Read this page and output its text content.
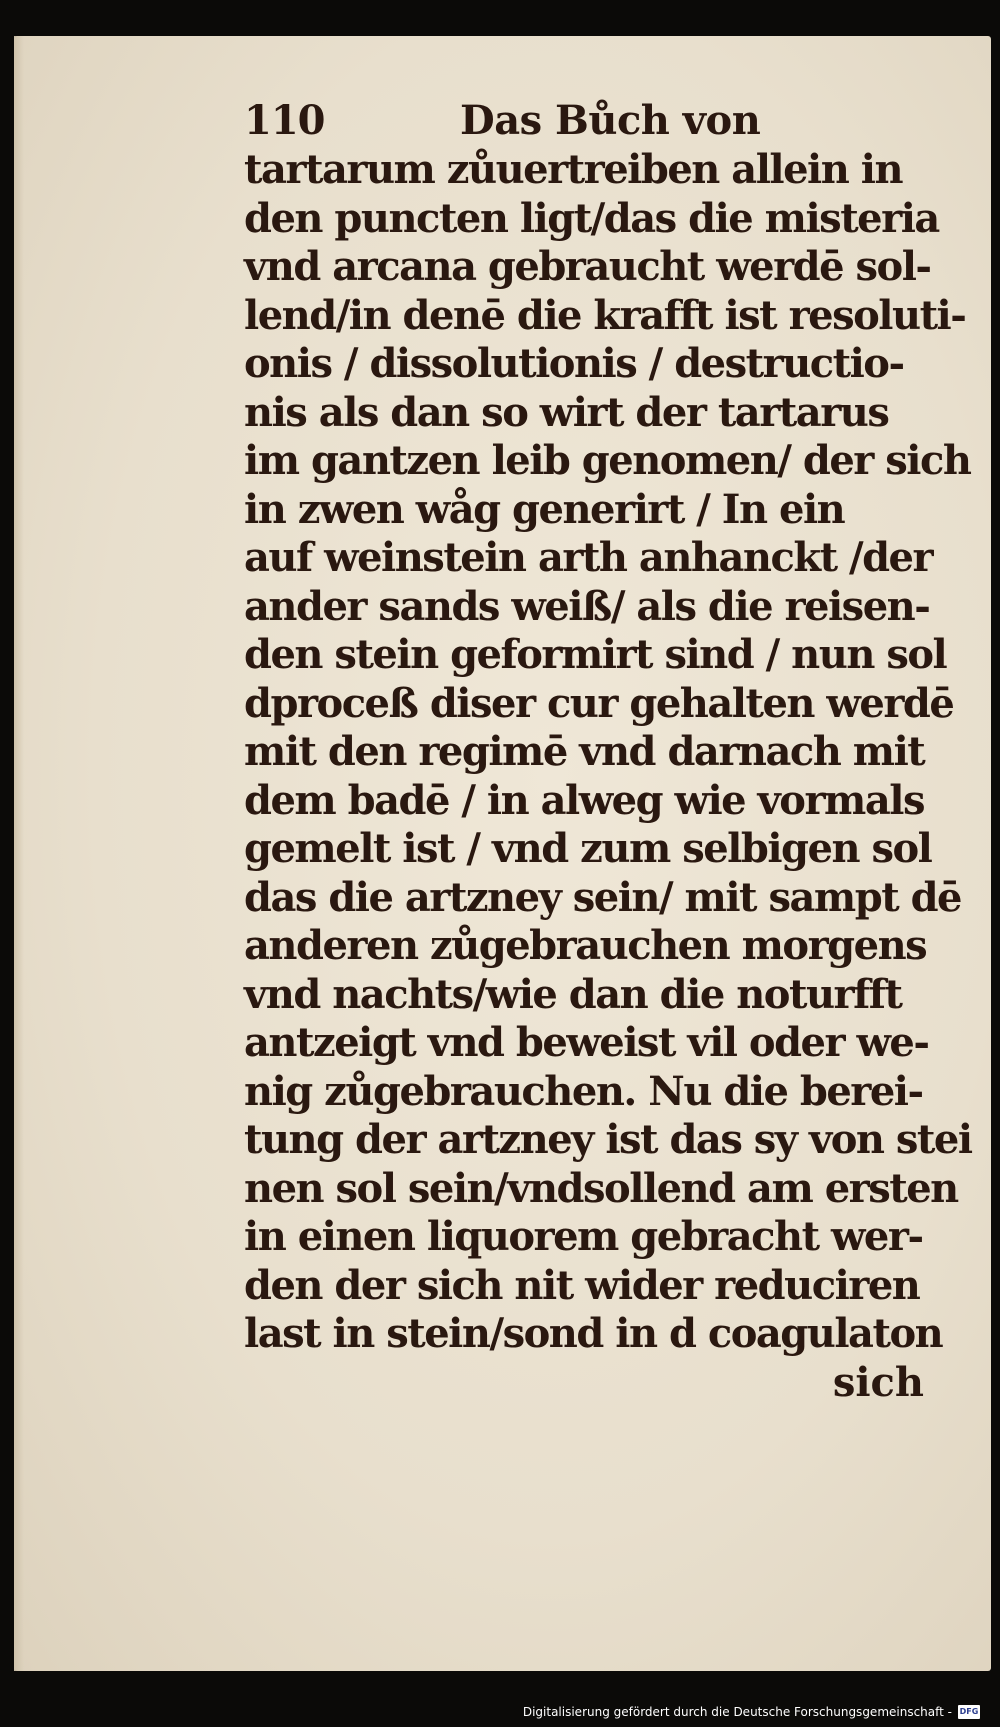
110	Das Bůch von
tartarum zůuertreiben allein in
den puncten ligt/das die misteria
vnd arcana gebraucht werdē sol-
lend/in denē die krafft ist resoluti-
onis / dissolutionis / destructio-
nis als dan so wirt der tartarus
im gantzen leib genomen/ der sich
in zwen wåg generirt / In ein
auf weinstein arth anhanckt /der
ander sands weiß/ als die reisen-
den stein geformirt sind / nun sol
dproceß diser cur gehalten werdē
mit den regimē vnd darnach mit
dem badē / in alweg wie vormals
gemelt ist / vnd zum selbigen sol
das die artzney sein/ mit sampt dē
anderen zůgebrauchen morgens
vnd nachts/wie dan die noturfft
antzeigt vnd beweist vil oder we-
nig zůgebrauchen. Nu die berei-
tung der artzney ist das sy von stei
nen sol sein/vndsollend am ersten
in einen liquorem gebracht wer-
den der sich nit wider reduciren
last in stein/sond in d coagulaton
sich
Digitalisierung gefördert durch die Deutsche Forschungsgemeinschaft - DFG
